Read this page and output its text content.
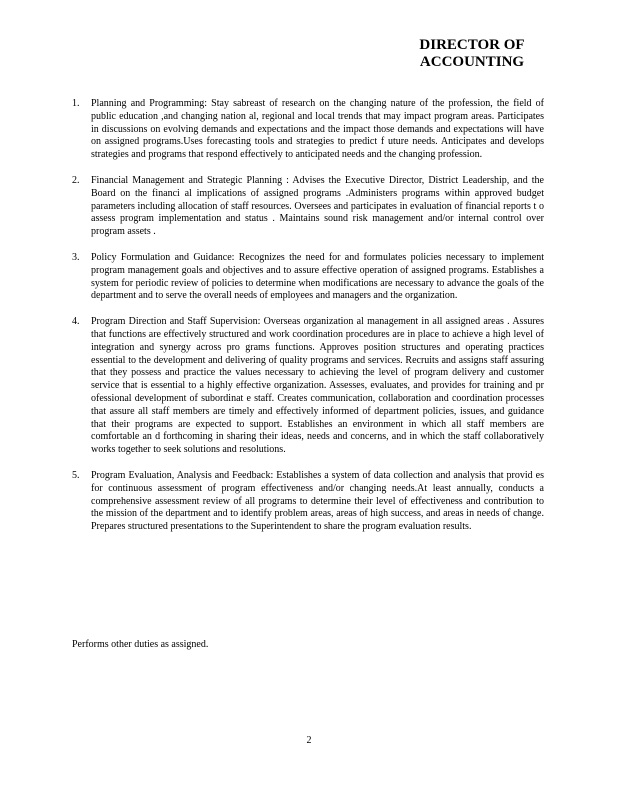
DIRECTOR OF
ACCOUNTING
1. Planning and Programming: Stay sabreast of research on the changing nature of the profession, the field of public education ,and changing nation al, regional and local trends that may impact program areas. Participates in discussions on evolving demands and expectations and the impact those demands and expectations will have on assigned programs.Uses forecasting tools and strategies to predict f uture needs. Anticipates and develops strategies and programs that respond effectively to anticipated needs and the changing profession.
2. Financial Management and Strategic Planning : Advises the Executive Director, District Leadership, and the Board on the financi al implications of assigned programs .Administers programs within approved budget parameters including allocation of staff resources. Oversees and participates in evaluation of financial reports t o assess program implementation and status . Maintains sound risk management and/or internal control over program assets .
3. Policy Formulation and Guidance: Recognizes the need for and formulates policies necessary to implement program management goals and objectives and to assure effective operation of assigned programs. Establishes a system for periodic review of policies to determine when modifications are necessary to advance the goals of the department and to serve the overall needs of employees and managers and the organization.
4. Program Direction and Staff Supervision: Overseas organization al management in all assigned areas . Assures that functions are effectively structured and work coordination procedures are in place to achieve a high level of integration and synergy across pro grams functions. Approves position structures and operating practices essential to the development and delivering of quality programs and services. Recruits and assigns staff assuring that they possess and practice the values necessary to achieving the level of program delivery and customer service that is essential to a highly effective organization. Assesses, evaluates, and provides for training and pr ofessional development of subordinat e staff. Creates communication, collaboration and coordination processes that assure all staff members are timely and effectively informed of department policies, issues, and guidance that their programs are expected to support. Establishes an environment in which all staff members are comfortable an d forthcoming in sharing their ideas, needs and concerns, and in which the staff collaboratively works together to seek solutions and resolutions.
5. Program Evaluation, Analysis and Feedback: Establishes a system of data collection and analysis that provid es for continuous assessment of program effectiveness and/or changing needs.At least annually, conducts a comprehensive assessment review of all programs to determine their level of effectiveness and contribution to the mission of the department and to identify problem areas, areas of high success, and areas in needs of change. Prepares structured presentations to the Superintendent to share the program evaluation results.
Performs other duties as assigned.
2
